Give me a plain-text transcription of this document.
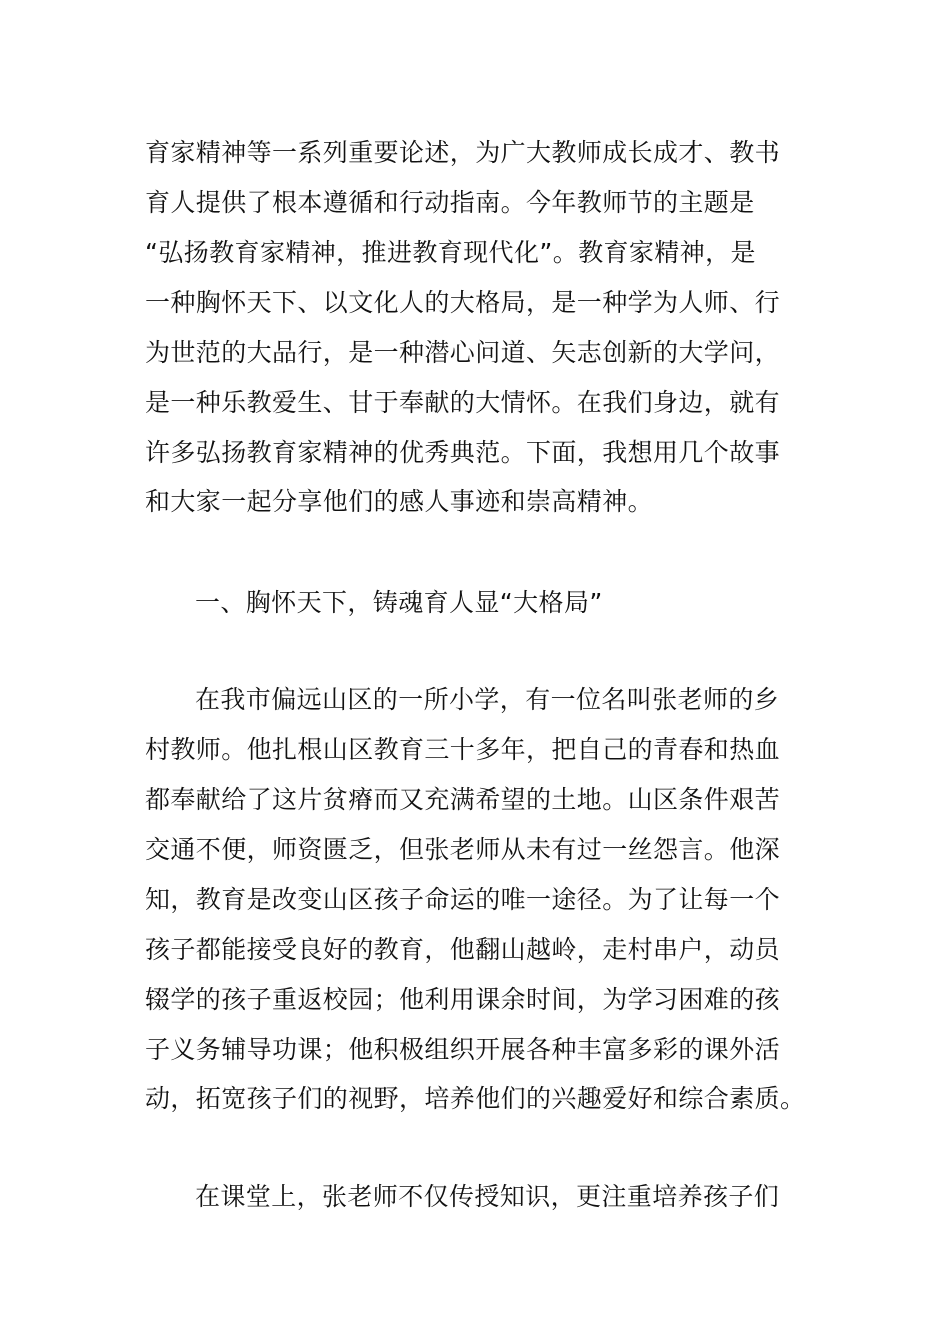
育家精神等一系列重要论述，为广大教师成长成才、教书
育人提供了根本遵循和行动指南。今年教师节的主题是
“弘扬教育家精神，推进教育现代化”。教育家精神，是
一种胸怀天下、以文化人的大格局，是一种学为人师、行
为世范的大品行，是一种潜心问道、矢志创新的大学问，
是一种乐教爱生、甘于奉献的大情怀。在我们身边，就有
许多弘扬教育家精神的优秀典范。下面，我想用几个故事
和大家一起分享他们的感人事迹和崇高精神。
一、胸怀天下，铸魂育人显“大格局”
在我市偏远山区的一所小学，有一位名叫张老师的乡
村教师。他扎根山区教育三十多年，把自己的青春和热血
都奉献给了这片贫瘠而又充满希望的土地。山区条件艰苦
交通不便，师资匮乏，但张老师从未有过一丝怨言。他深
知，教育是改变山区孩子命运的唯一途径。为了让每一个
孩子都能接受良好的教育，他翻山越岭，走村串户，动员
辍学的孩子重返校园；他利用课余时间，为学习困难的孩
子义务辅导功课；他积极组织开展各种丰富多彩的课外活
动，拓宽孩子们的视野，培养他们的兴趣爱好和综合素质。
在课堂上，张老师不仅传授知识，更注重培养孩子们
